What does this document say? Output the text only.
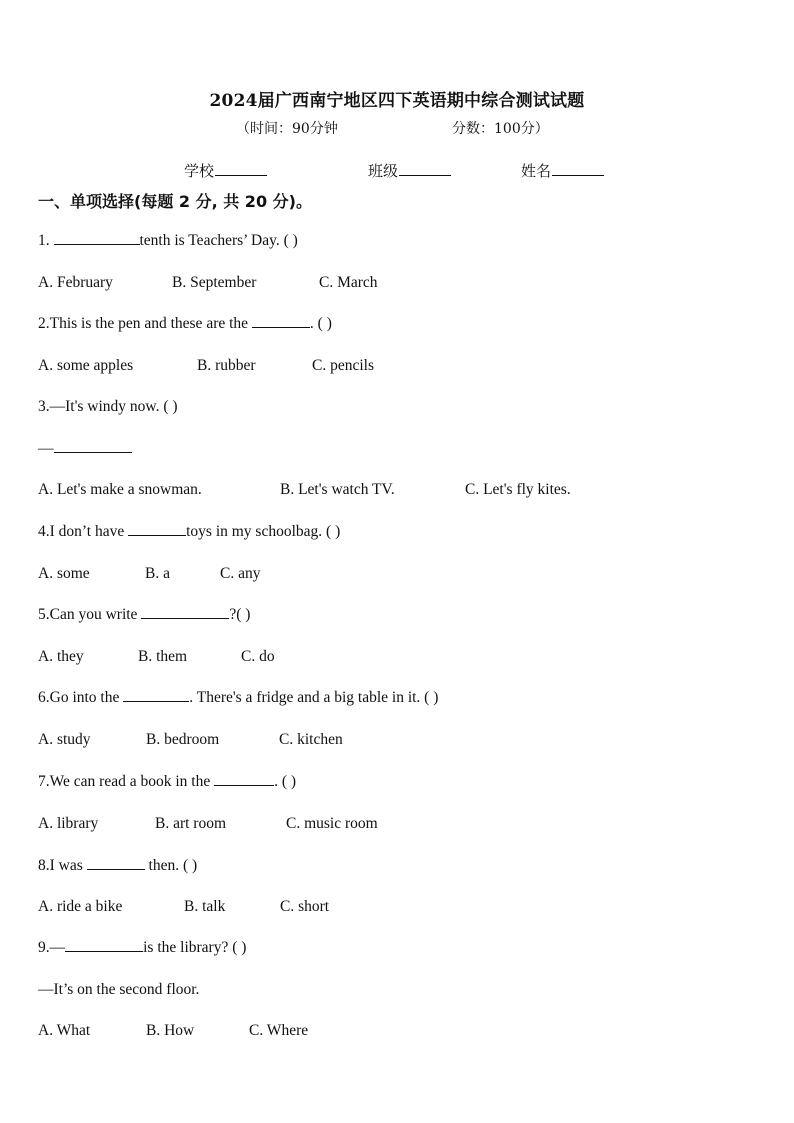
2024届广西南宁地区四下英语期中综合测试试题
（时间：90分钟	分数：100分）
学校	班级	姓名
一、单项选择(每题 2 分, 共 20 分)。
1.	tenth is Teachers’ Day. ( )
A. February	B. September	C. March
2.This is the pen and these are the	. ( )
A. some apples	B. rubber	C. pencils
3.—It's windy now. ( )
—
A. Let's make a snowman.	B. Let's watch TV.	C. Let's fly kites.
4.I don’t have	toys in my schoolbag. ( )
A. some	B. a	C. any
5.Can you write	?( )
A. they	B. them	C. do
6.Go into the	. There's a fridge and a big table in it. ( )
A. study	B. bedroom	C. kitchen
7.We can read a book in the	. ( )
A. library	B. art room	C. music room
8.I was	then. ( )
A. ride a bike	B. talk	C. short
9.—	is the library? ( )
—It’s on the second floor.
A. What	B. How	C. Where
